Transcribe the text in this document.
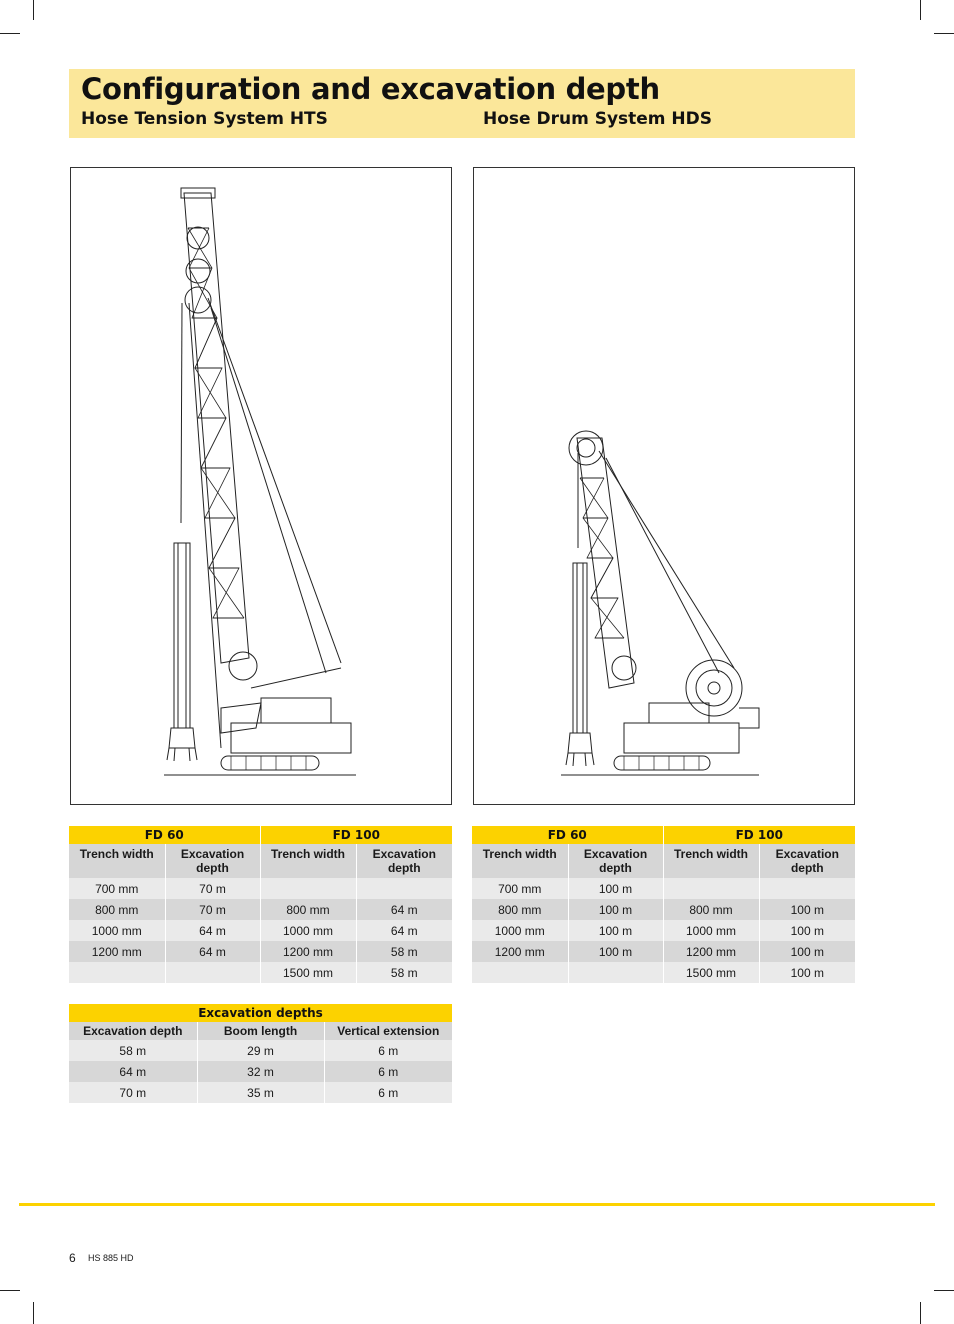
Configuration and excavation depth
Hose Tension System HTS	Hose Drum System HDS
FD 60		FD 100	
Trench width	Excavation depth	Trench width	Excavation depth
700 mm	70 m		
800 mm	70 m	800 mm	64 m
1000 mm	64 m	1000 mm	64 m
1200 mm	64 m	1200 mm	58 m
		1500 mm	58 m
FD 60		FD 100	
Trench width	Excavation depth	Trench width	Excavation depth
700 mm	100 m		
800 mm	100 m	800 mm	100 m
1000 mm	100 m	1000 mm	100 m
1200 mm	100 m	1200 mm	100 m
		1500 mm	100 m
Excavation depths		
Excavation depth	Boom length	Vertical extension
58 m	29 m	6 m
64 m	32 m	6 m
70 m	35 m	6 m
6 HS 885 HD
